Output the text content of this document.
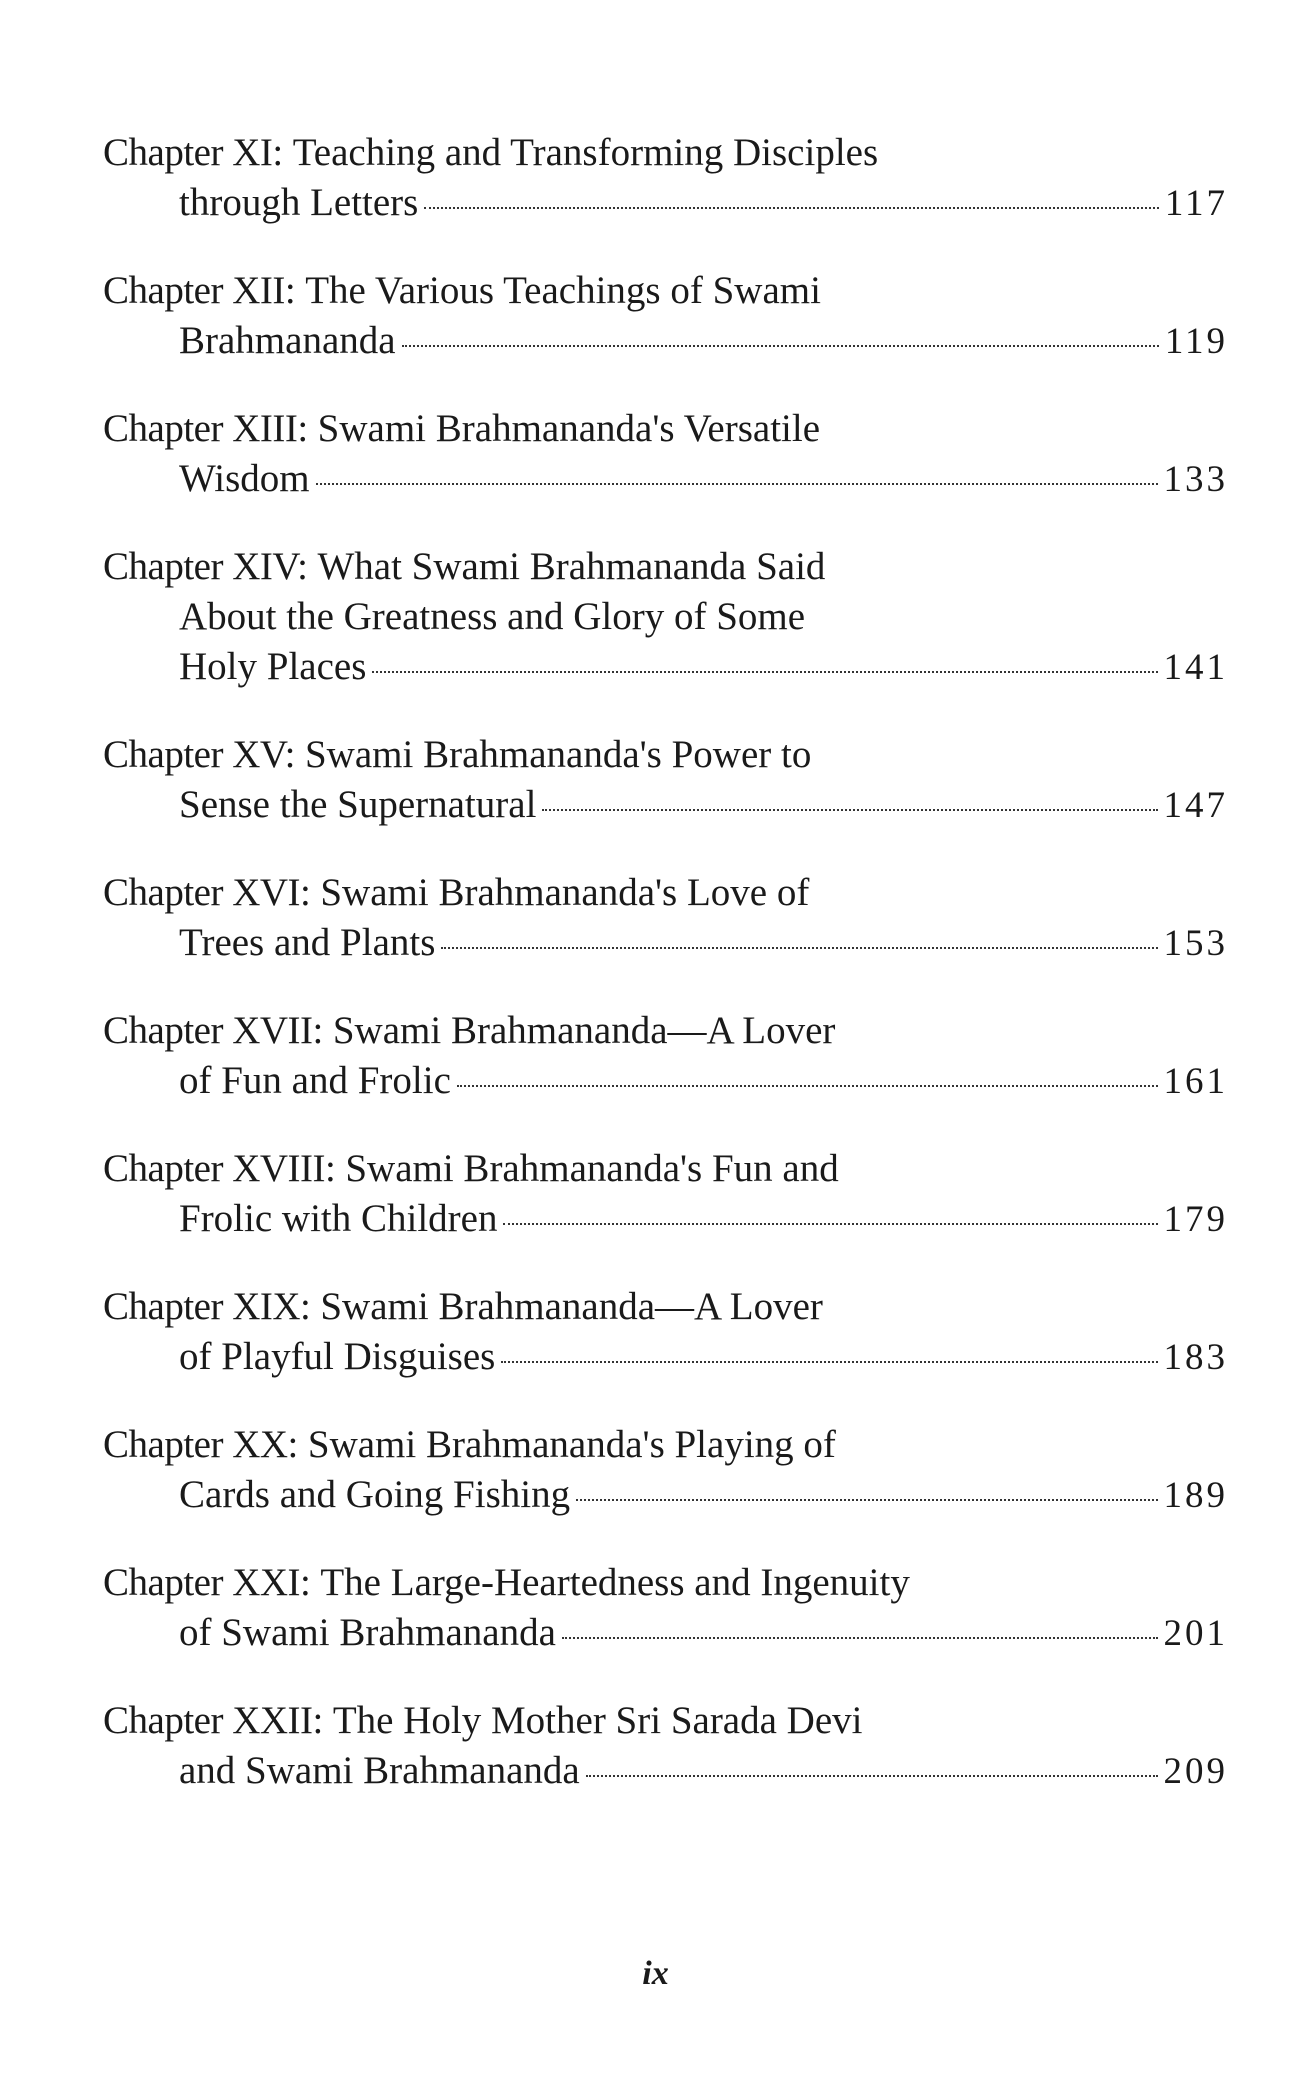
Chapter XI: Teaching and Transforming Disciples
through Letters	117
Chapter XII: The Various Teachings of Swami
Brahmananda	119
Chapter XIII: Swami Brahmananda's Versatile
Wisdom	133
Chapter XIV: What Swami Brahmananda Said
About the Greatness and Glory of Some
Holy Places	141
Chapter XV: Swami Brahmananda's Power to
Sense the Supernatural	147
Chapter XVI: Swami Brahmananda's Love of
Trees and Plants	153
Chapter XVII: Swami Brahmananda—A Lover
of Fun and Frolic	161
Chapter XVIII: Swami Brahmananda's Fun and
Frolic with Children	179
Chapter XIX: Swami Brahmananda—A Lover
of Playful Disguises	183
Chapter XX: Swami Brahmananda's Playing of
Cards and Going Fishing	189
Chapter XXI: The Large-Heartedness and Ingenuity
of Swami Brahmananda	201
Chapter XXII: The Holy Mother Sri Sarada Devi
and Swami Brahmananda	209
ix
